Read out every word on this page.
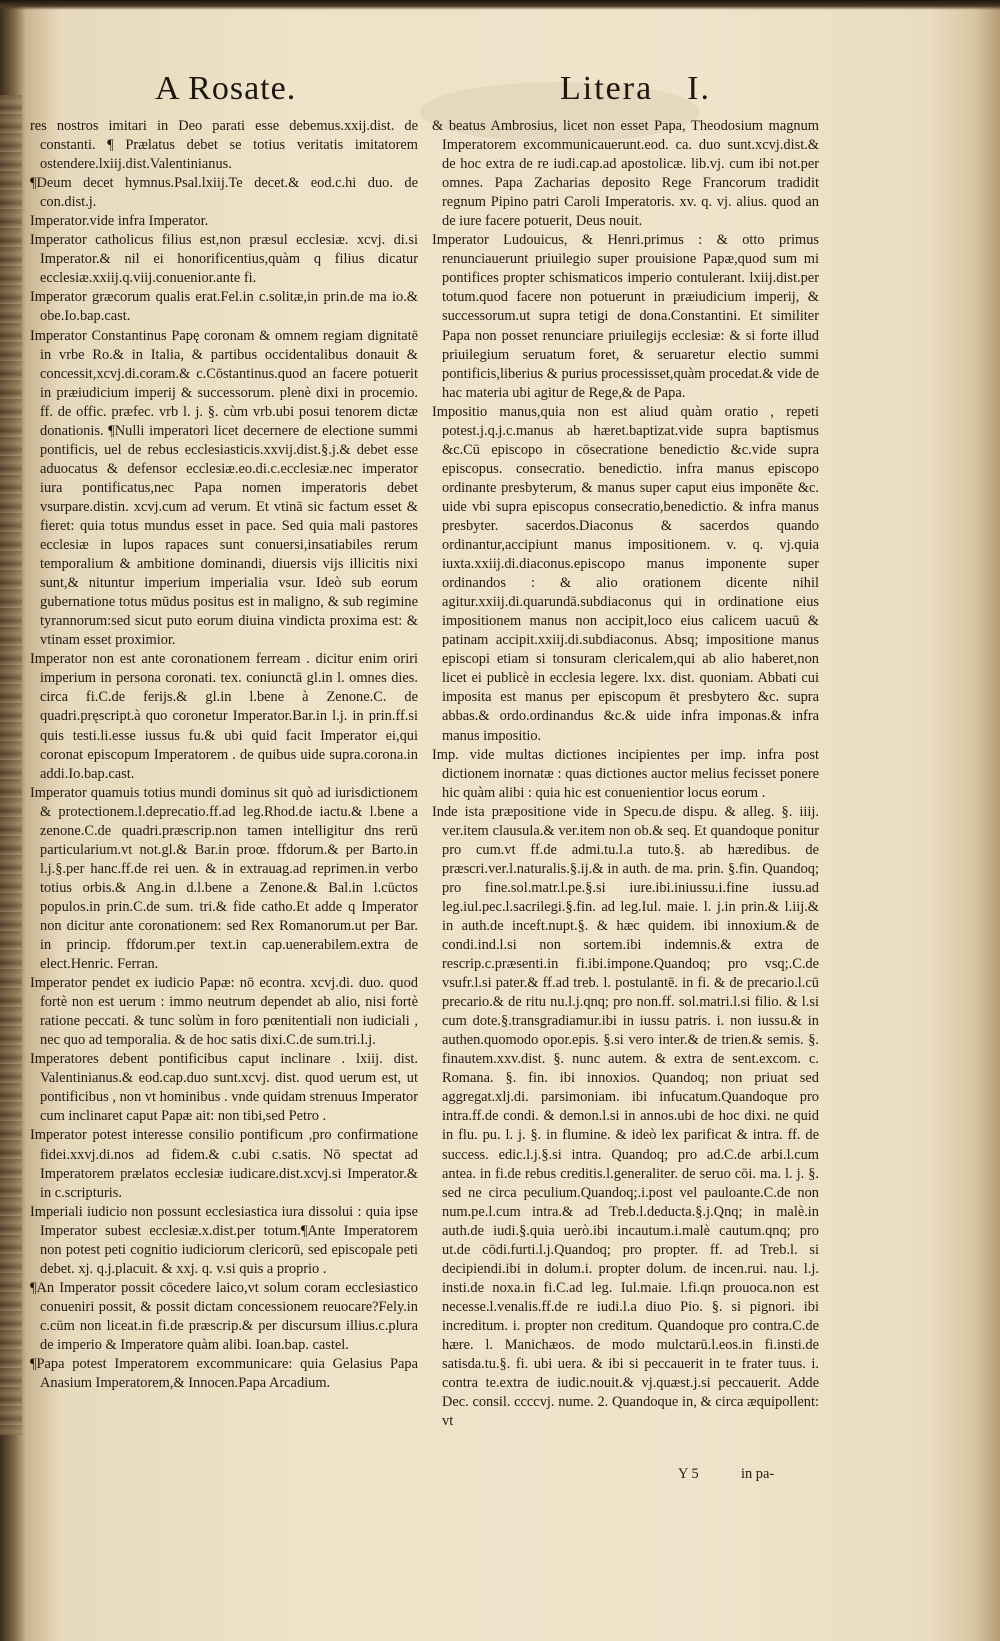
A Rosate.	Litera I.

res nostros imitari in Deo parati esse debemus.xxij.dist. de constanti. ¶ Prælatus debet se totius veritatis imitatorem ostendere.lxiij.dist.Valentinianus.

¶Deum decet hymnus.Psal.lxiij.Te decet.& eod.c.hi duo. de con.dist.j.

Imperator.vide infra Imperator.

Imperator catholicus filius est,non præsul ecclesiæ. xcvj. di.si Imperator.& nil ei honorificentius,quàm q filius dicatur ecclesiæ.xxiij.q.viij.conuenior.ante fi.

Imperator græcorum qualis erat.Fel.in c.solitæ,in prin.de ma io.& obe.Io.bap.cast.

Imperator Constantinus Papę coronam & omnem regiam dignitatē in vrbe Ro.& in Italia, & partibus occidentalibus donauit & concessit,xcvj.di.coram.& c.Cōstantinus.quod an facere potuerit in præiudicium imperij & successorum. plenè dixi in procemio. ff. de offic. præfec. vrb l. j. §. cùm vrb.ubi posui tenorem dictæ donationis. ¶Nulli imperatori licet decernere de electione summi pontificis, uel de rebus ecclesiasticis.xxvij.dist.§.j.& debet esse aduocatus & defensor ecclesiæ.eo.di.c.ecclesiæ.nec imperator iura pontificatus,nec Papa nomen imperatoris debet vsurpare.distin. xcvj.cum ad verum. Et vtinā sic factum esset & fieret: quia totus mundus esset in pace. Sed quia mali pastores ecclesiæ in lupos rapaces sunt conuersi,insatiabiles rerum temporalium & ambitione dominandi, diuersis vijs illicitis nixi sunt,& nituntur imperium imperialia vsur. Ideò sub eorum gubernatione totus mūdus positus est in maligno, & sub regimine tyrannorum:sed sicut puto eorum diuina vindicta proxima est: & vtinam esset proximior.

Imperator non est ante coronationem ferream . dicitur enim oriri imperium in persona coronati. tex. coniunctā gl.in l. omnes dies. circa fi.C.de ferijs.& gl.in l.bene à Zenone.C. de quadri.pręscript.à quo coronetur Imperator.Bar.in l.j. in prin.ff.si quis testi.li.esse iussus fu.& ubi quid facit Imperator ei,qui coronat episcopum Imperatorem . de quibus uide supra.corona.in addi.Io.bap.cast.

Imperator quamuis totius mundi dominus sit quò ad iurisdictionem & protectionem.l.deprecatio.ff.ad leg.Rhod.de iactu.& l.bene a zenone.C.de quadri.præscrip.non tamen intelligitur dns rerū particularium.vt not.gl.& Bar.in proœ. ffdorum.& per Barto.in l.j.§.per hanc.ff.de rei uen. & in extrauag.ad reprimen.in verbo totius orbis.& Ang.in d.l.bene a Zenone.& Bal.in l.cūctos populos.in prin.C.de sum. tri.& fide catho.Et adde q Imperator non dicitur ante coronationem: sed Rex Romanorum.ut per Bar. in princip. ffdorum.per text.in cap.uenerabilem.extra de elect.Henric. Ferran.

Imperator pendet ex iudicio Papæ: nō econtra. xcvj.di. duo. quod fortè non est uerum : immo neutrum dependet ab alio, nisi fortè ratione peccati. & tunc solùm in foro pœnitentiali non iudiciali , nec quo ad temporalia. & de hoc satis dixi.C.de sum.tri.l.j.

Imperatores debent pontificibus caput inclinare . lxiij. dist. Valentinianus.& eod.cap.duo sunt.xcvj. dist. quod uerum est, ut pontificibus , non vt hominibus . vnde quidam strenuus Imperator cum inclinaret caput Papæ ait: non tibi,sed Petro .

Imperator potest interesse consilio pontificum ,pro confirmatione fidei.xxvj.di.nos ad fidem.& c.ubi c.satis. Nō spectat ad Imperatorem prælatos ecclesiæ iudicare.dist.xcvj.si Imperator.& in c.scripturis.

Imperiali iudicio non possunt ecclesiastica iura dissolui : quia ipse Imperator subest ecclesiæ.x.dist.per totum.¶Ante Imperatorem non potest peti cognitio iudiciorum clericorū, sed episcopale peti debet. xj. q.j.placuit. & xxj. q. v.si quis a proprio .

¶An Imperator possit cōcedere laico,vt solum coram ecclesiastico conueniri possit, & possit dictam concessionem reuocare?Fely.in c.cūm non liceat.in fi.de præscrip.& per discursum illius.c.plura de imperio & Imperatore quàm alibi. Ioan.bap. castel.

¶Papa potest Imperatorem excommunicare: quia Gelasius Papa Anasium Imperatorem,& Innocen.Papa Arcadium.

& beatus Ambrosius, licet non esset Papa, Theodosium magnum Imperatorem excommunicauerunt.eod. ca. duo sunt.xcvj.dist.& de hoc extra de re iudi.cap.ad apostolicæ. lib.vj. cum ibi not.per omnes. Papa Zacharias deposito Rege Francorum tradidit regnum Pipino patri Caroli Imperatoris. xv. q. vj. alius. quod an de iure facere potuerit, Deus nouit.

Imperator Ludouicus, & Henri.primus : & otto primus renunciauerunt priuilegio super prouisione Papæ,quod sum mi pontifices propter schismaticos imperio contulerant. lxiij.dist.per totum.quod facere non potuerunt in præiudicium imperij, & successorum.ut supra tetigi de dona.Constantini. Et similiter Papa non posset renunciare priuilegijs ecclesiæ: & si forte illud priuilegium seruatum foret, & seruaretur electio summi pontificis,liberius & purius processisset,quàm procedat.& vide de hac materia ubi agitur de Rege,& de Papa.

Impositio manus,quia non est aliud quàm oratio , repeti potest.j.q.j.c.manus ab hæret.baptizat.vide supra baptismus &c.Cū episcopo in cōsecratione benedictio &c.vide supra episcopus. consecratio. benedictio. infra manus episcopo ordinante presbyterum, & manus super caput eius imponēte &c. uide vbi supra episcopus consecratio,benedictio. & infra manus presbyter. sacerdos.Diaconus & sacerdos quando ordinantur,accipiunt manus impositionem. v. q. vj.quia iuxta.xxiij.di.diaconus.episcopo manus imponente super ordinandos : & alio orationem dicente nihil agitur.xxiij.di.quarundā.subdiaconus qui in ordinatione eius impositionem manus non accipit,loco eius calicem uacuū & patinam accipit.xxiij.di.subdiaconus. Absq; impositione manus episcopi etiam si tonsuram clericalem,qui ab alio haberet,non licet ei publicè in ecclesia legere. lxx. dist. quoniam. Abbati cui imposita est manus per episcopum ēt presbytero &c. supra abbas.& ordo.ordinandus &c.& uide infra imponas.& infra manus impositio.

Imp. vide multas dictiones incipientes per imp. infra post dictionem inornatæ : quas dictiones auctor melius fecisset ponere hic quàm alibi : quia hic est conuenientior locus eorum .

Inde ista præpositione vide in Specu.de dispu. & alleg. §. iiij. ver.item clausula.& ver.item non ob.& seq. Et quandoque ponitur pro cum.vt ff.de admi.tu.l.a tuto.§. ab hæredibus. de præscri.ver.l.naturalis.§.ij.& in auth. de ma. prin. §.fin. Quandoq; pro fine.sol.matr.l.pe.§.si iure.ibi.iniussu.i.fine iussu.ad leg.iul.pec.l.sacrilegi.§.fin. ad leg.Iul. maie. l. j.in prin.& l.iij.& in auth.de inceft.nupt.§. & hæc quidem. ibi innoxium.& de condi.ind.l.si non sortem.ibi indemnis.& extra de rescrip.c.præsenti.in fi.ibi.impone.Quandoq; pro vsq;.C.de vsufr.l.si pater.& ff.ad treb. l. postulantē. in fi. & de precario.l.cū precario.& de ritu nu.l.j.qnq; pro non.ff. sol.matri.l.si filio. & l.si cum dote.§.transgradiamur.ibi in iussu patris. i. non iussu.& in authen.quomodo opor.epis. §.si vero inter.& de trien.& semis. §. finautem.xxv.dist. §. nunc autem. & extra de sent.excom. c. Romana. §. fin. ibi innoxios. Quandoq; non priuat sed aggregat.xlj.di. parsimoniam. ibi infucatum.Quandoque pro intra.ff.de condi. & demon.l.si in annos.ubi de hoc dixi. ne quid in flu. pu. l. j. §. in flumine. & ideò lex parificat & intra. ff. de success. edic.l.j.§.si intra. Quandoq; pro ad.C.de arbi.l.cum antea. in fi.de rebus creditis.l.generaliter. de seruo cōi. ma. l. j. §. sed ne circa peculium.Quandoq;.i.post vel pauloante.C.de non num.pe.l.cum intra.& ad Treb.l.deducta.§.j.Qnq; in malè.in auth.de iudi.§.quia uerò.ibi incautum.i.malè cautum.qnq; pro ut.de cōdi.furti.l.j.Quandoq; pro propter. ff. ad Treb.l. si decipiendi.ibi in dolum.i. propter dolum. de incen.rui. nau. l.j. insti.de noxa.in fi.C.ad leg. Iul.maie. l.fi.qn prouoca.non est necesse.l.venalis.ff.de re iudi.l.a diuo Pio. §. si pignori. ibi increditum. i. propter non creditum. Quandoque pro contra.C.de hære. l. Manichæos. de modo mulctarū.l.eos.in fi.insti.de satisda.tu.§. fi. ubi uera. & ibi si peccauerit in te frater tuus. i. contra te.extra de iudic.nouit.& vj.quæst.j.si peccauerit. Adde Dec. consil. ccccvj. nume. 2. Quandoque in, & circa æquipollent: vt

Y 5	in pa-
